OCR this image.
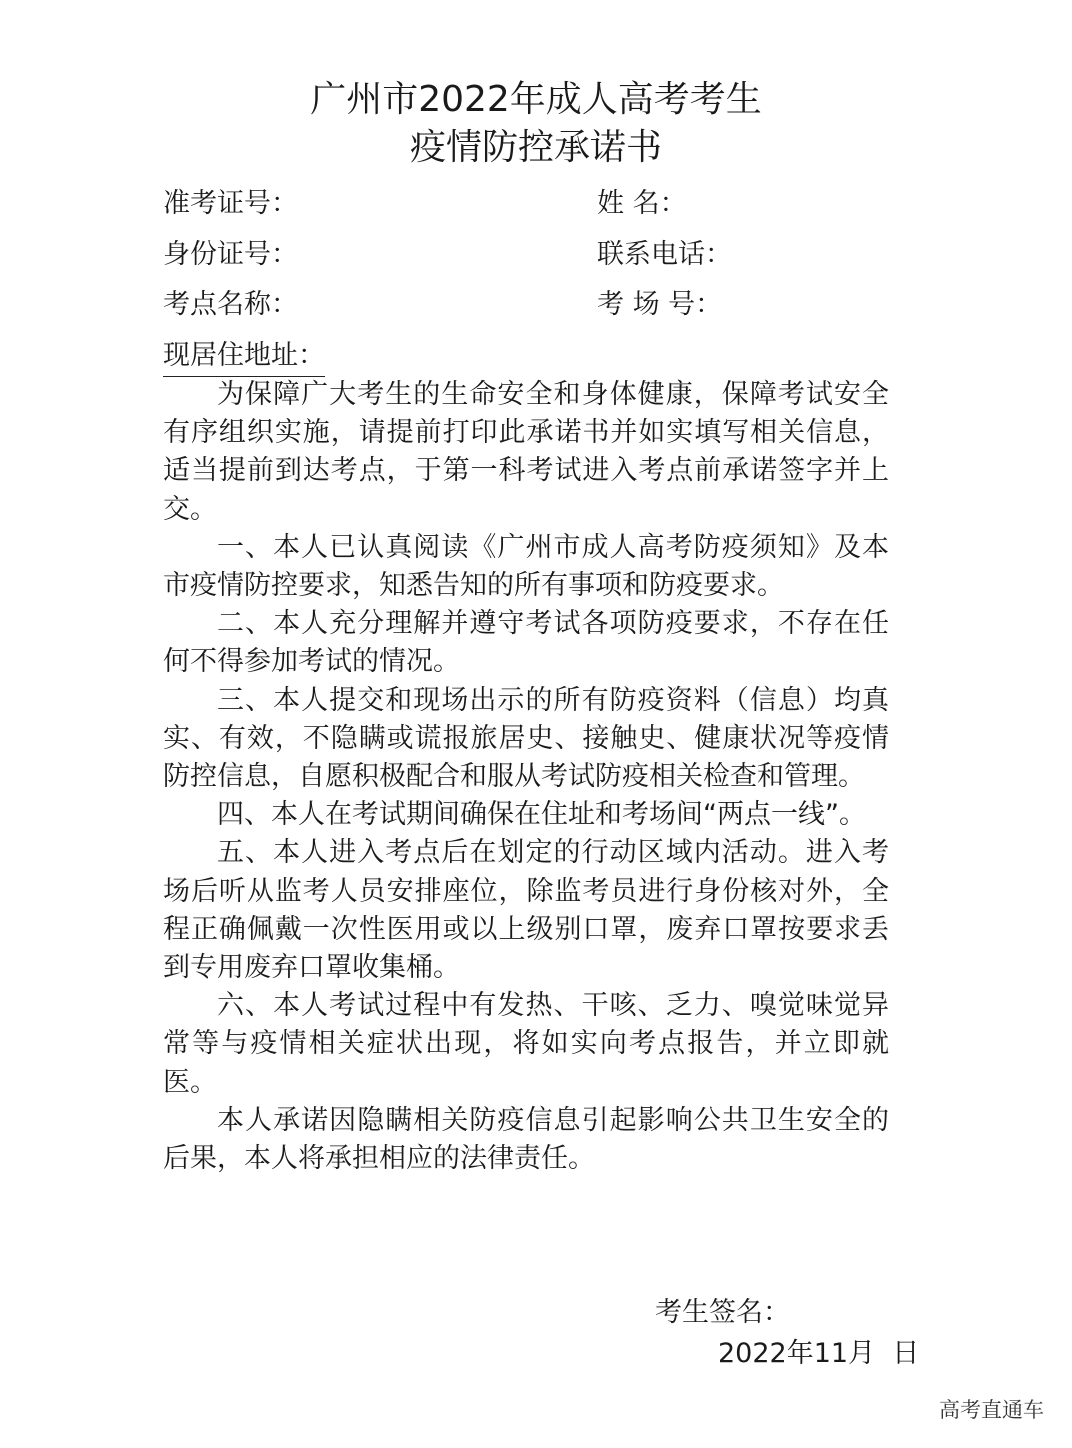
广州市2022年成人高考考生
疫情防控承诺书
准考证号：	姓 名：
身份证号：	联系电话：
考点名称：	考 场 号：
现居住地址：

为保障广大考生的生命安全和身体健康，保障考试安全有序组织实施，请提前打印此承诺书并如实填写相关信息，适当提前到达考点，于第一科考试进入考点前承诺签字并上交。

一、本人已认真阅读《广州市成人高考防疫须知》及本市疫情防控要求，知悉告知的所有事项和防疫要求。

二、本人充分理解并遵守考试各项防疫要求，不存在任何不得参加考试的情况。

三、本人提交和现场出示的所有防疫资料（信息）均真实、有效，不隐瞒或谎报旅居史、接触史、健康状况等疫情防控信息，自愿积极配合和服从考试防疫相关检查和管理。

四、本人在考试期间确保在住址和考场间“两点一线”。

五、本人进入考点后在划定的行动区域内活动。进入考场后听从监考人员安排座位，除监考员进行身份核对外，全程正确佩戴一次性医用或以上级别口罩，废弃口罩按要求丢到专用废弃口罩收集桶。

六、本人考试过程中有发热、干咳、乏力、嗅觉味觉异常等与疫情相关症状出现，将如实向考点报告，并立即就医。

本人承诺因隐瞒相关防疫信息引起影响公共卫生安全的后果，本人将承担相应的法律责任。

考生签名：
2022年11月  日
高考直通车
